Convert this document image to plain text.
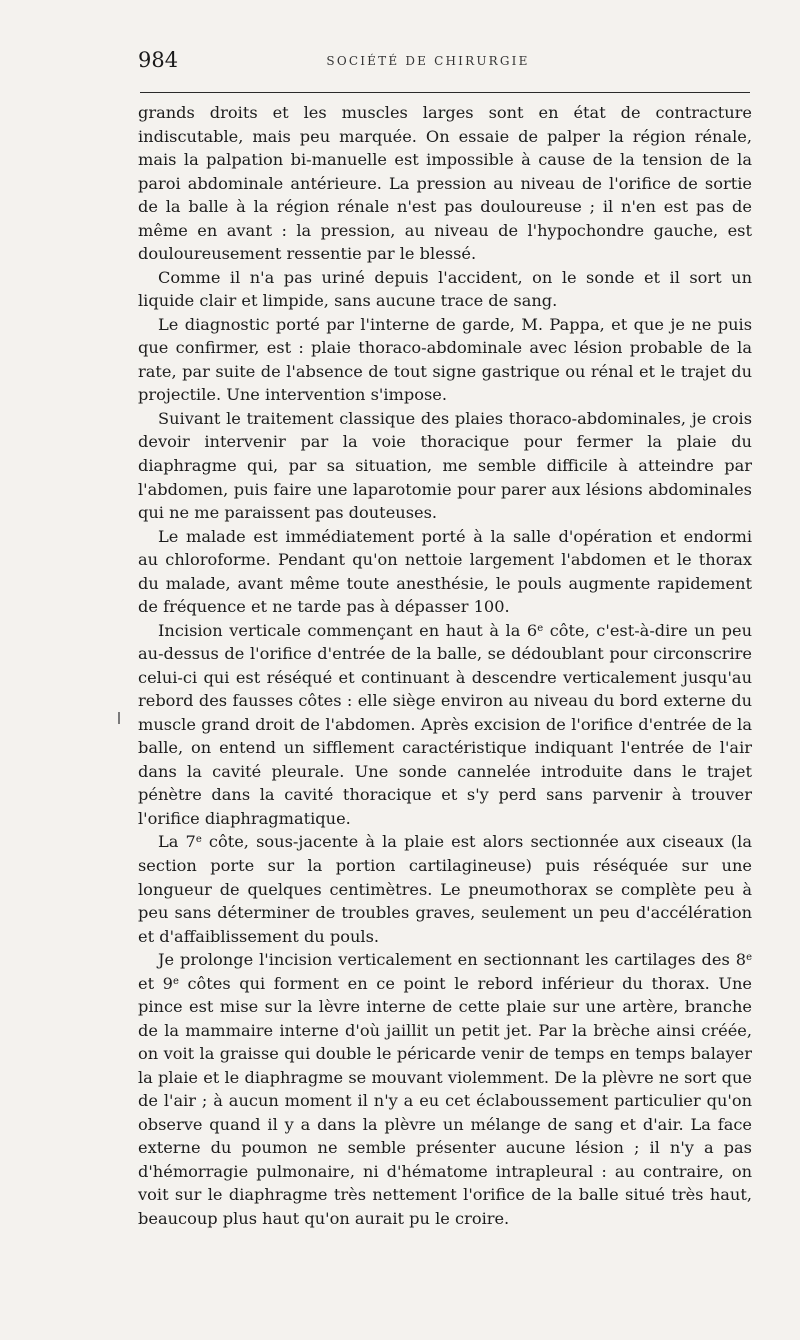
984	SOCIÉTÉ DE CHIRURGIE

grands droits et les muscles larges sont en état de contracture indiscutable, mais peu marquée. On essaie de palper la région rénale, mais la palpation bi-manuelle est impossible à cause de la tension de la paroi abdominale antérieure. La pression au niveau de l'orifice de sortie de la balle à la région rénale n'est pas douloureuse ; il n'en est pas de même en avant : la pression, au niveau de l'hypochondre gauche, est douloureusement ressentie par le blessé.

Comme il n'a pas uriné depuis l'accident, on le sonde et il sort un liquide clair et limpide, sans aucune trace de sang.

Le diagnostic porté par l'interne de garde, M. Pappa, et que je ne puis que confirmer, est : plaie thoraco-abdominale avec lésion probable de la rate, par suite de l'absence de tout signe gastrique ou rénal et le trajet du projectile. Une intervention s'impose.

Suivant le traitement classique des plaies thoraco-abdominales, je crois devoir intervenir par la voie thoracique pour fermer la plaie du diaphragme qui, par sa situation, me semble difficile à atteindre par l'abdomen, puis faire une laparotomie pour parer aux lésions abdominales qui ne me paraissent pas douteuses.

Le malade est immédiatement porté à la salle d'opération et endormi au chloroforme. Pendant qu'on nettoie largement l'abdomen et le thorax du malade, avant même toute anesthésie, le pouls augmente rapidement de fréquence et ne tarde pas à dépasser 100.

Incision verticale commençant en haut à la 6e côte, c'est-à-dire un peu au-dessus de l'orifice d'entrée de la balle, se dédoublant pour circonscrire celui-ci qui est réséqué et continuant à descendre verticalement jusqu'au rebord des fausses côtes : elle siège environ au niveau du bord externe du muscle grand droit de l'abdomen. Après excision de l'orifice d'entrée de la balle, on entend un sifflement caractéristique indiquant l'entrée de l'air dans la cavité pleurale. Une sonde cannelée introduite dans le trajet pénètre dans la cavité thoracique et s'y perd sans parvenir à trouver l'orifice diaphragmatique.

La 7e côte, sous-jacente à la plaie est alors sectionnée aux ciseaux (la section porte sur la portion cartilagineuse) puis réséquée sur une longueur de quelques centimètres. Le pneumothorax se complète peu à peu sans déterminer de troubles graves, seulement un peu d'accélération et d'affaiblissement du pouls.

Je prolonge l'incision verticalement en sectionnant les cartilages des 8e et 9e côtes qui forment en ce point le rebord inférieur du thorax. Une pince est mise sur la lèvre interne de cette plaie sur une artère, branche de la mammaire interne d'où jaillit un petit jet. Par la brèche ainsi créée, on voit la graisse qui double le péricarde venir de temps en temps balayer la plaie et le diaphragme se mouvant violemment. De la plèvre ne sort que de l'air ; à aucun moment il n'y a eu cet éclaboussement particulier qu'on observe quand il y a dans la plèvre un mélange de sang et d'air. La face externe du poumon ne semble présenter aucune lésion ; il n'y a pas d'hémorragie pulmonaire, ni d'hématome intrapleural : au contraire, on voit sur le diaphragme très nettement l'orifice de la balle situé très haut, beaucoup plus haut qu'on aurait pu le croire.
